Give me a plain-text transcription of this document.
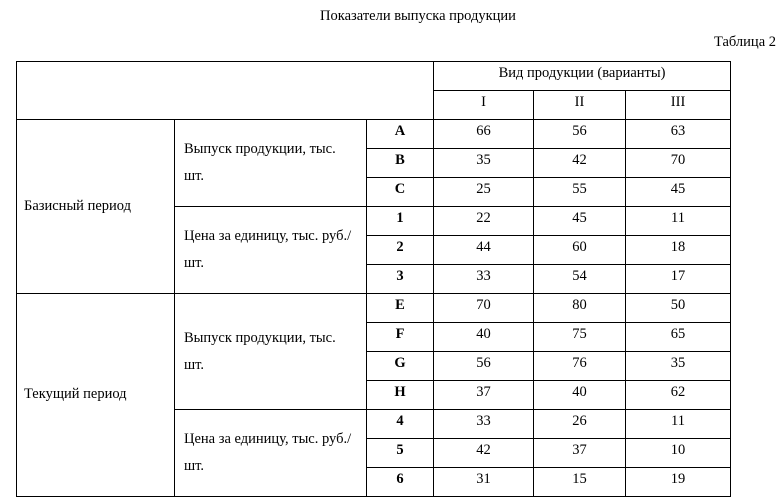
Показатели выпуска продукции
Таблица 2
			Вид продукции (варианты)		
			I	II	III
Базисный период	Выпуск продукции, тыс. шт.	A	66	56	63
		B	35	42	70
		C	25	55	45
	Цена за единицу, тыс. руб./шт.	1	22	45	11
		2	44	60	18
		3	33	54	17
Текущий период	Выпуск продукции, тыс. шт.	E	70	80	50
		F	40	75	65
		G	56	76	35
		H	37	40	62
	Цена за единицу, тыс. руб./шт.	4	33	26	11
		5	42	37	10
		6	31	15	19
